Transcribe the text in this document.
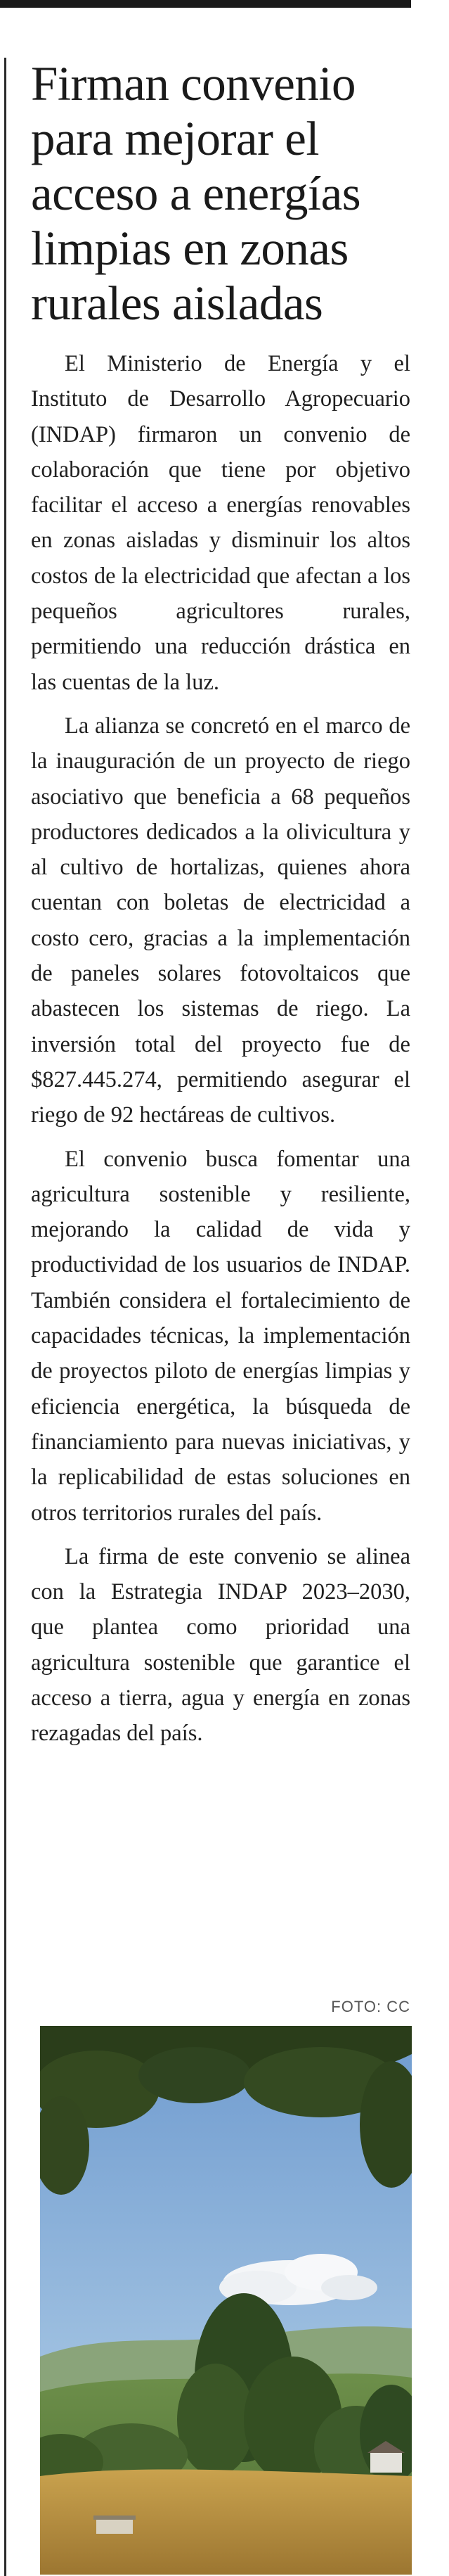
Firman convenio para mejorar el acceso a energías limpias en zonas rurales aisladas

El Ministerio de Energía y el Instituto de Desarrollo Agropecuario (INDAP) firmaron un convenio de colaboración que tiene por objetivo facilitar el acceso a energías renovables en zonas aisladas y disminuir los altos costos de la electricidad que afectan a los pequeños agricultores rurales, permitiendo una reducción drástica en las cuentas de la luz.

La alianza se concretó en el marco de la inauguración de un proyecto de riego asociativo que beneficia a 68 pequeños productores dedicados a la olivicultura y al cultivo de hortalizas, quienes ahora cuentan con boletas de electricidad a costo cero, gracias a la implementación de paneles solares fotovoltaicos que abastecen los sistemas de riego. La inversión total del proyecto fue de $827.445.274, permitiendo asegurar el riego de 92 hectáreas de cultivos.

El convenio busca fomentar una agricultura sostenible y resiliente, mejorando la calidad de vida y productividad de los usuarios de INDAP. También considera el fortalecimiento de capacidades técnicas, la implementación de proyectos piloto de energías limpias y eficiencia energética, la búsqueda de financiamiento para nuevas iniciativas, y la replicabilidad de estas soluciones en otros territorios rurales del país.

La firma de este convenio se alinea con la Estrategia INDAP 2023–2030, que plantea como prioridad una agricultura sostenible que garantice el acceso a tierra, agua y energía en zonas rezagadas del país.

FOTO: CC
